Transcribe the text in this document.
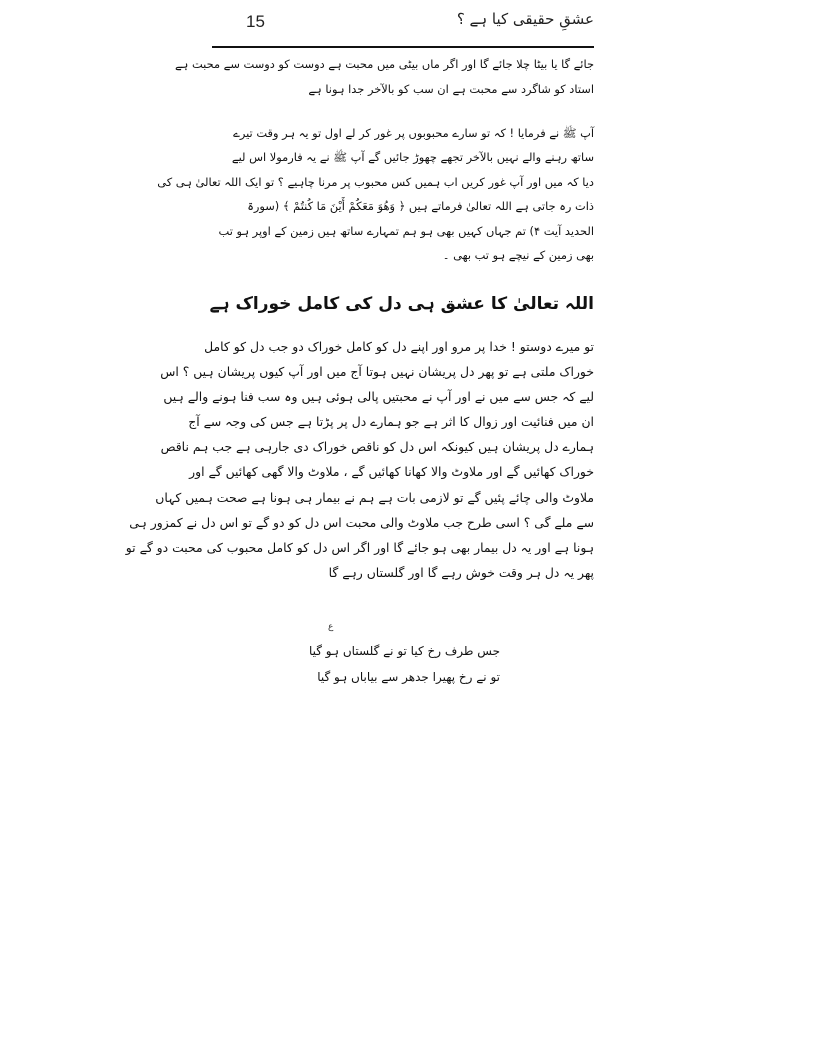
15	عشقِ حقیقی کیا ہے ؟
جائے گا یا بیٹا چلا جائے گا اور اگر ماں بیٹی میں محبت ہے دوست کو دوست سے محبت ہے
استاد کو شاگرد سے محبت ہے ان سب کو بالآخر جدا ہونا ہے
آپ ﷺ نے فرمایا ! کہ تو سارے محبوبوں پر غور کر لے اول تو یہ ہر وقت تیرے
ساتھ رہنے والے نہیں بالآخر تجھے چھوڑ جائیں گے آپ ﷺ نے یہ فارمولا اس لیے
دیا کہ میں اور آپ غور کریں اب ہمیں کس محبوب پر مرنا چاہیے ؟ تو ایک اللہ تعالیٰ ہی کی
ذات رہ جاتی ہے اللہ تعالیٰ فرماتے ہیں ﴿ وَهُوَ مَعَكُمْ أَيْنَ مَا كُنتُمْ ﴾ (سورۃ
الحدید آیت ۴) تم جہاں کہیں بھی ہو ہم تمہارے ساتھ ہیں زمین کے اوپر ہو تب
بھی زمین کے نیچے ہو تب بھی ۔
اللہ تعالیٰ کا عشق ہی دل کی کامل خوراک ہے
تو میرے دوستو ! خدا پر مرو اور اپنے دل کو کامل خوراک دو جب دل کو کامل
خوراک ملتی ہے تو پھر دل پریشان نہیں ہوتا آج میں اور آپ کیوں پریشان ہیں ؟ اس
لیے کہ جس سے میں نے اور آپ نے محبتیں پالی ہوئی ہیں وہ سب فنا ہونے والے ہیں
ان میں فنائیت اور زوال کا اثر ہے جو ہمارے دل پر پڑتا ہے جس کی وجہ سے آج
ہمارے دل پریشان ہیں کیونکہ اس دل کو ناقص خوراک دی جارہی ہے جب ہم ناقص
خوراک کھائیں گے اور ملاوٹ والا کھانا کھائیں گے ، ملاوٹ والا گھی کھائیں گے اور
ملاوٹ والی چائے پئیں گے تو لازمی بات ہے ہم نے بیمار ہی ہونا ہے صحت ہمیں کہاں
سے ملے گی ؟ اسی طرح جب ملاوٹ والی محبت اس دل کو دو گے تو اس دل نے کمزور ہی
ہونا ہے اور یہ دل بیمار بھی ہو جائے گا اور اگر اس دل کو کامل محبوب کی محبت دو گے تو
پھر یہ دل ہر وقت خوش رہے گا اور گلستاں رہے گا
ع
جس طرف رخ کیا تو نے گلستاں ہو گیا
تو نے رخ پھیرا جدھر سے بیاباں ہو گیا
